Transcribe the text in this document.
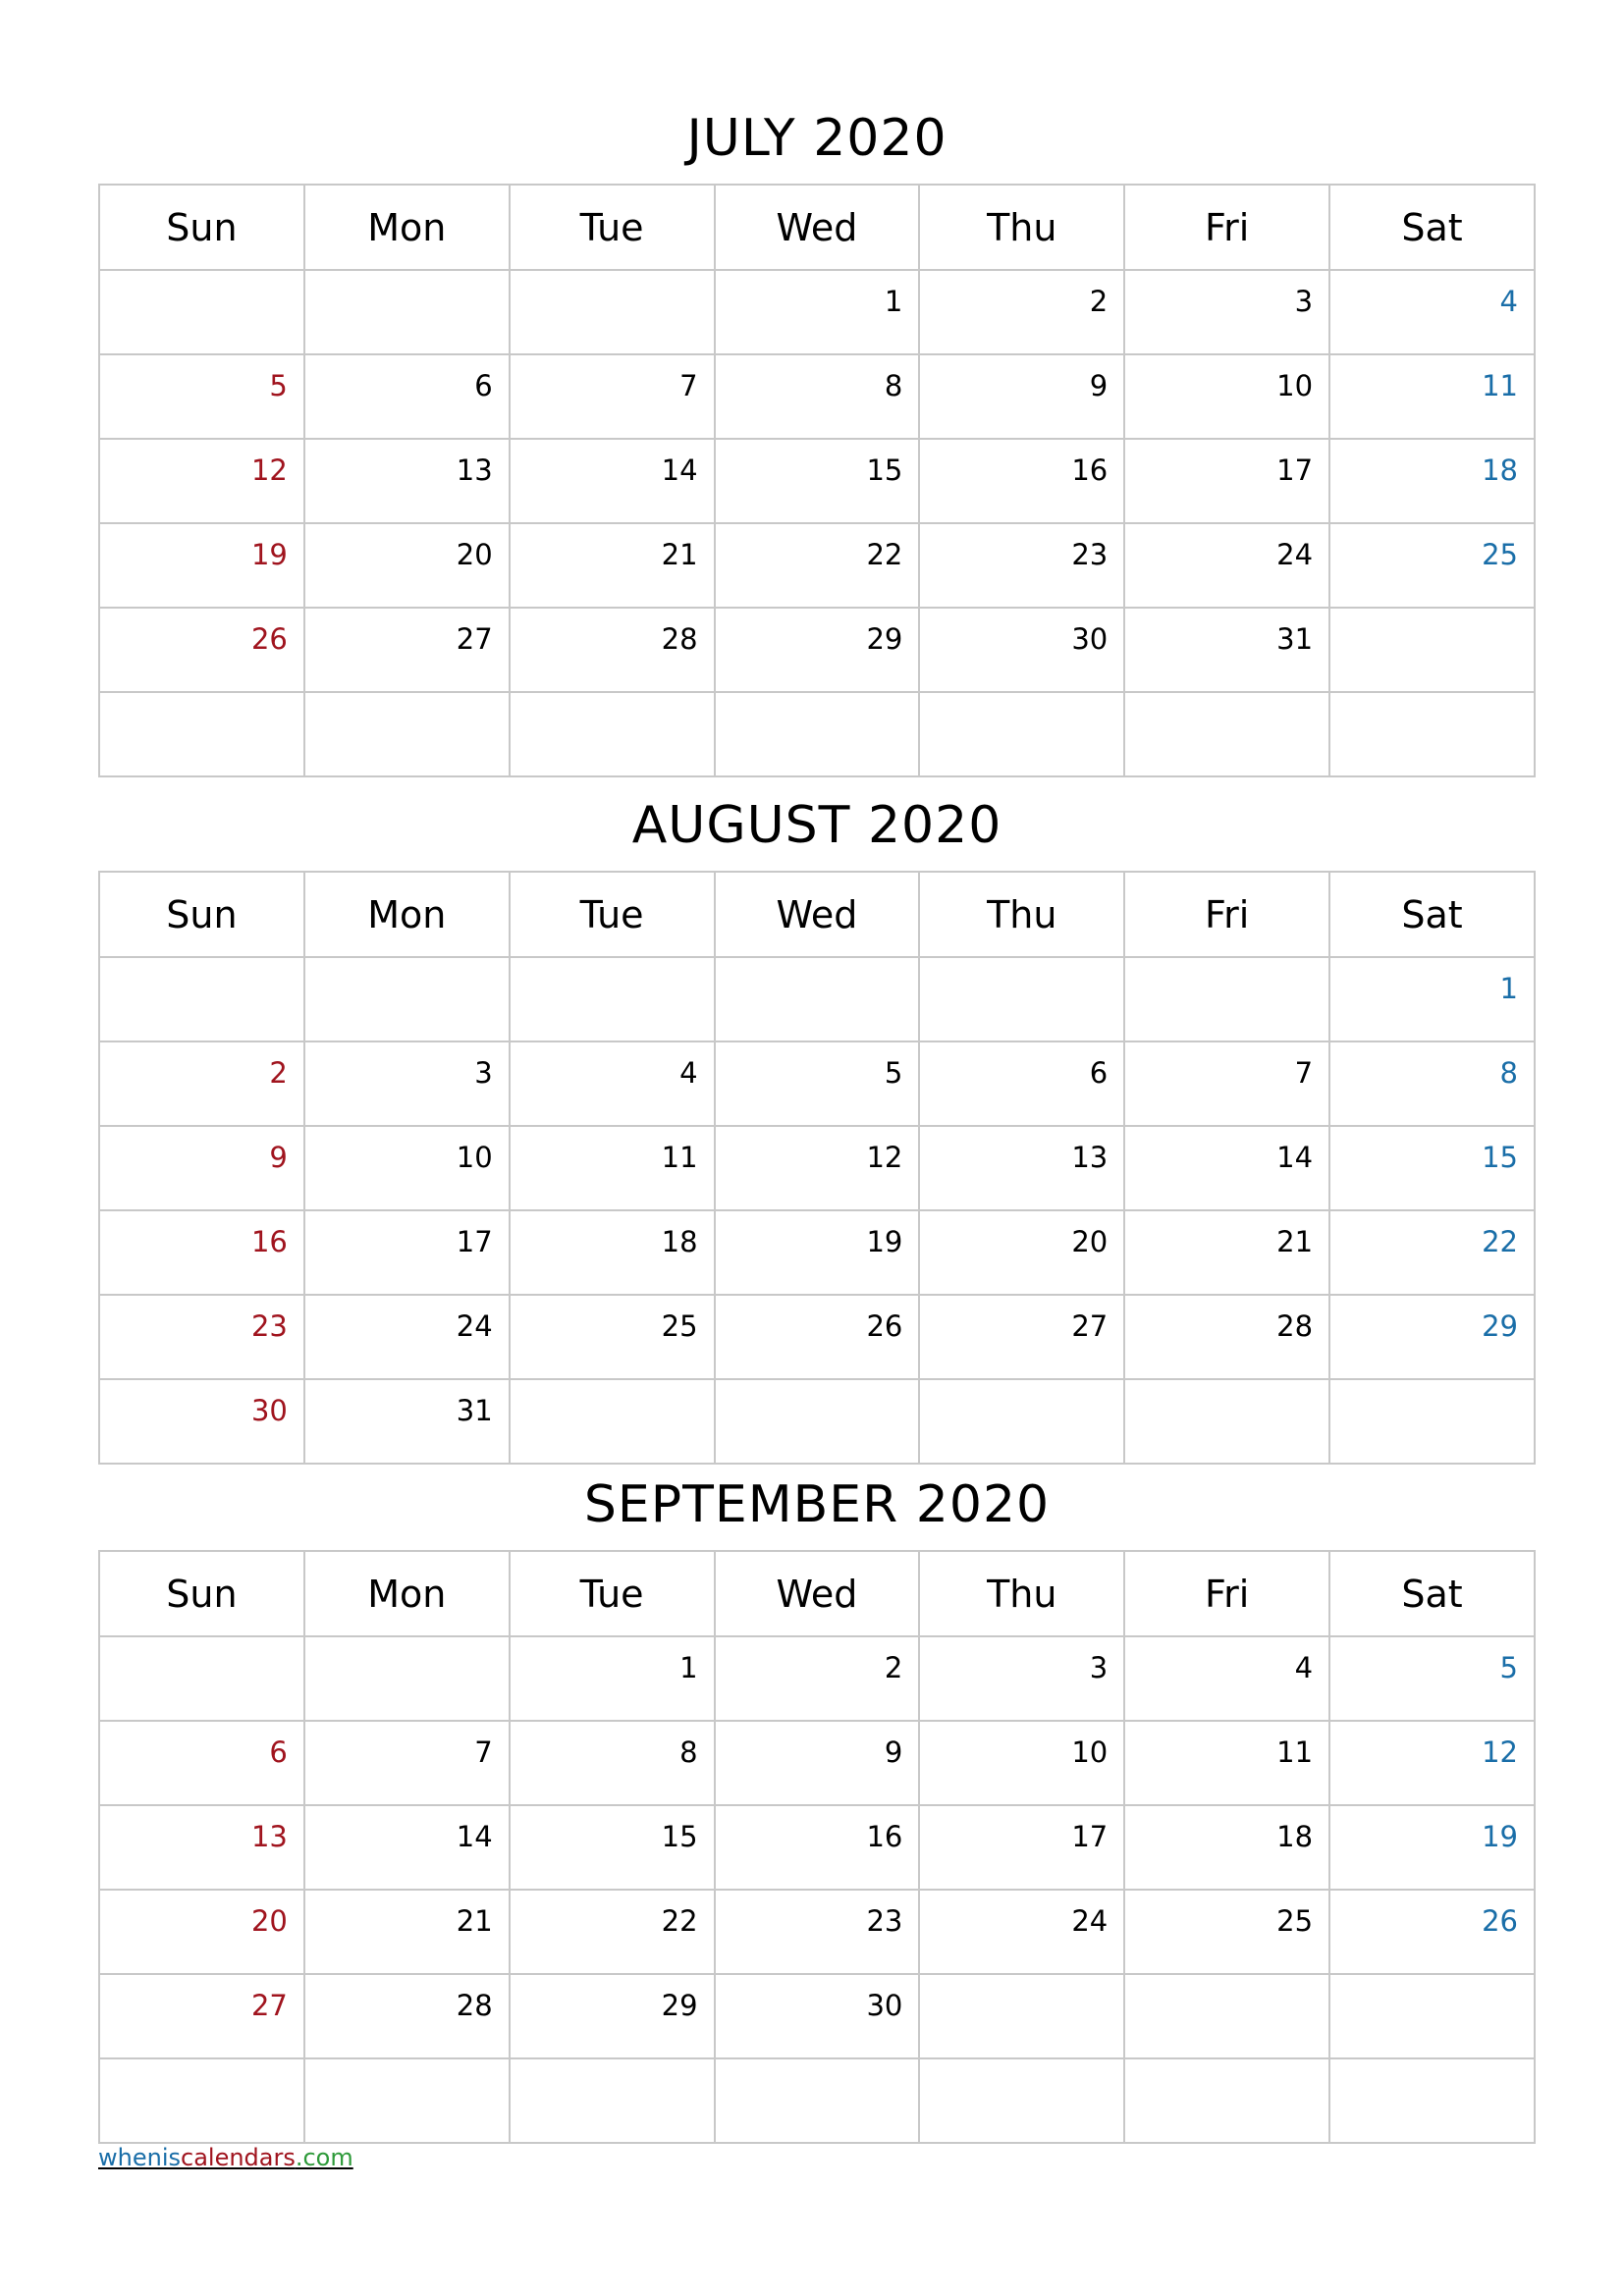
JULY 2020
Sun	Mon	Tue	Wed	Thu	Fri	Sat
			1	2	3	4
5	6	7	8	9	10	11
12	13	14	15	16	17	18
19	20	21	22	23	24	25
26	27	28	29	30	31	

AUGUST 2020
Sun	Mon	Tue	Wed	Thu	Fri	Sat
						1
2	3	4	5	6	7	8
9	10	11	12	13	14	15
16	17	18	19	20	21	22
23	24	25	26	27	28	29
30	31					
SEPTEMBER 2020
Sun	Mon	Tue	Wed	Thu	Fri	Sat
		1	2	3	4	5
6	7	8	9	10	11	12
13	14	15	16	17	18	19
20	21	22	23	24	25	26
27	28	29	30			

wheniscalendars.com
